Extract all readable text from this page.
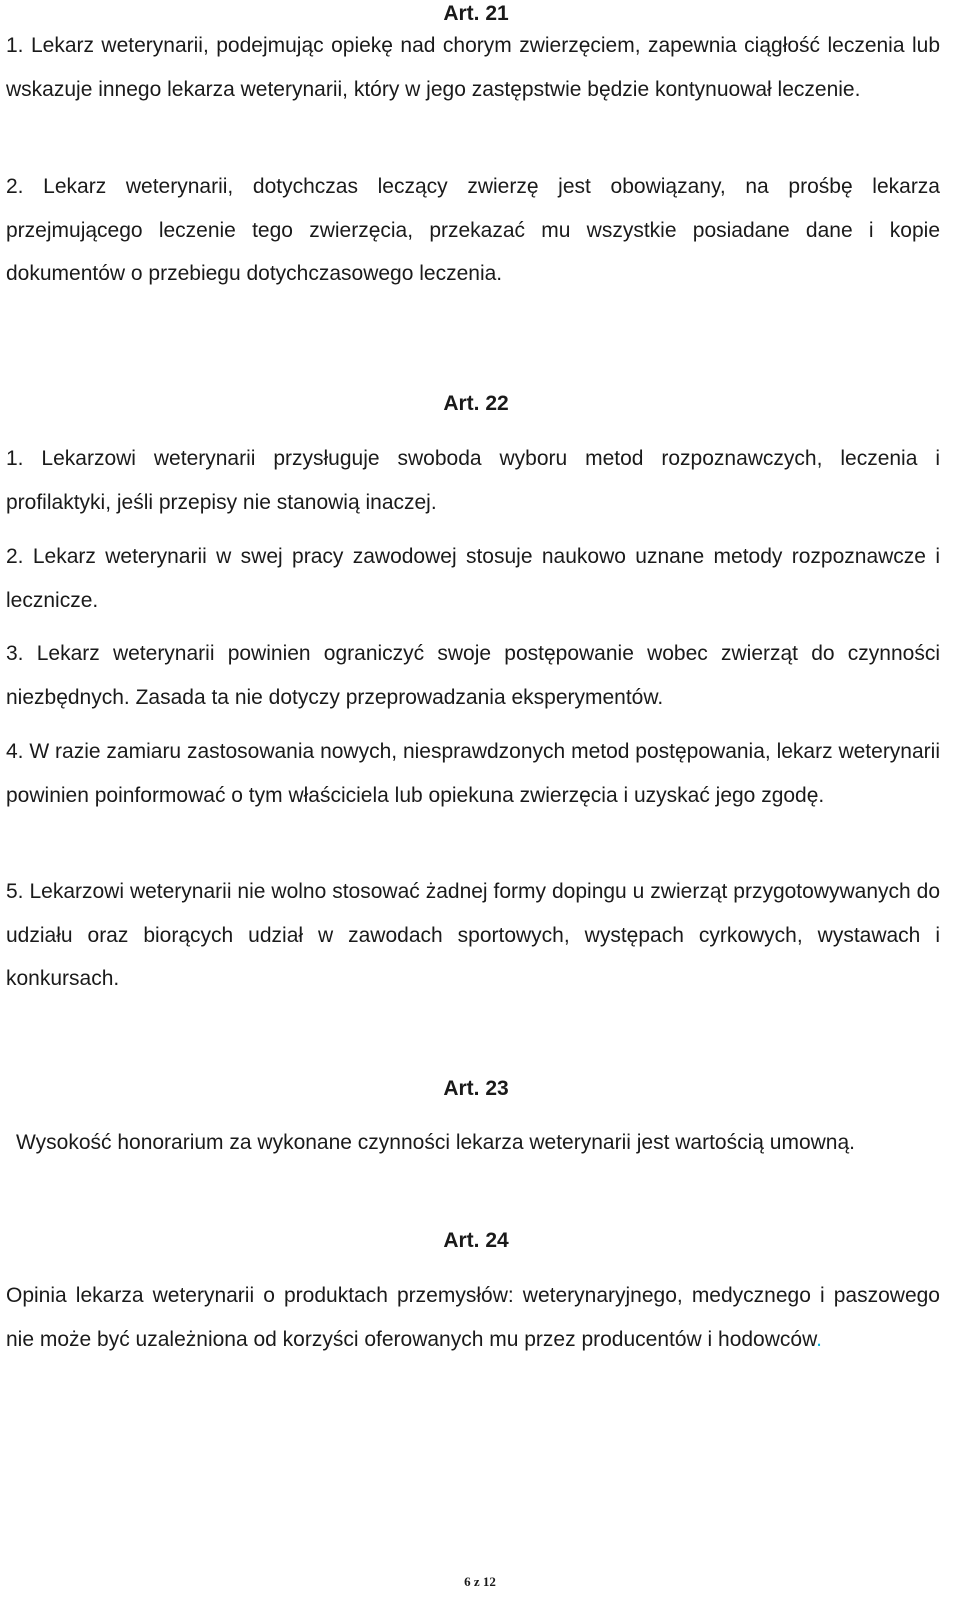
Art. 21

1. Lekarz weterynarii, podejmując opiekę nad chorym zwierzęciem, zapewnia ciągłość leczenia lub wskazuje innego lekarza weterynarii, który w jego zastępstwie będzie kontynuował leczenie.

2. Lekarz weterynarii, dotychczas leczący zwierzę jest obowiązany, na prośbę lekarza przejmującego leczenie tego zwierzęcia, przekazać mu wszystkie posiadane dane i kopie dokumentów o przebiegu dotychczasowego leczenia.

Art. 22

1. Lekarzowi weterynarii przysługuje swoboda wyboru metod rozpoznawczych, leczenia i profilaktyki, jeśli przepisy nie stanowią inaczej.

2. Lekarz weterynarii w swej pracy zawodowej stosuje naukowo uznane metody rozpoznawcze i lecznicze.

3. Lekarz weterynarii powinien ograniczyć swoje postępowanie wobec zwierząt do czynności niezbędnych. Zasada ta nie dotyczy przeprowadzania eksperymentów.

4. W razie zamiaru zastosowania nowych, niesprawdzonych metod postępowania, lekarz weterynarii powinien poinformować o tym właściciela lub opiekuna zwierzęcia i uzyskać jego zgodę.

5. Lekarzowi weterynarii nie wolno stosować żadnej formy dopingu u zwierząt przygotowywanych do udziału oraz biorących udział w zawodach sportowych, występach cyrkowych, wystawach i konkursach.

Art. 23

Wysokość honorarium za wykonane czynności lekarza weterynarii jest wartością umowną.

Art. 24

Opinia lekarza weterynarii o produktach przemysłów: weterynaryjnego, medycznego i paszowego nie może być uzależniona od korzyści oferowanych mu przez producentów i hodowców.

6 z 12
